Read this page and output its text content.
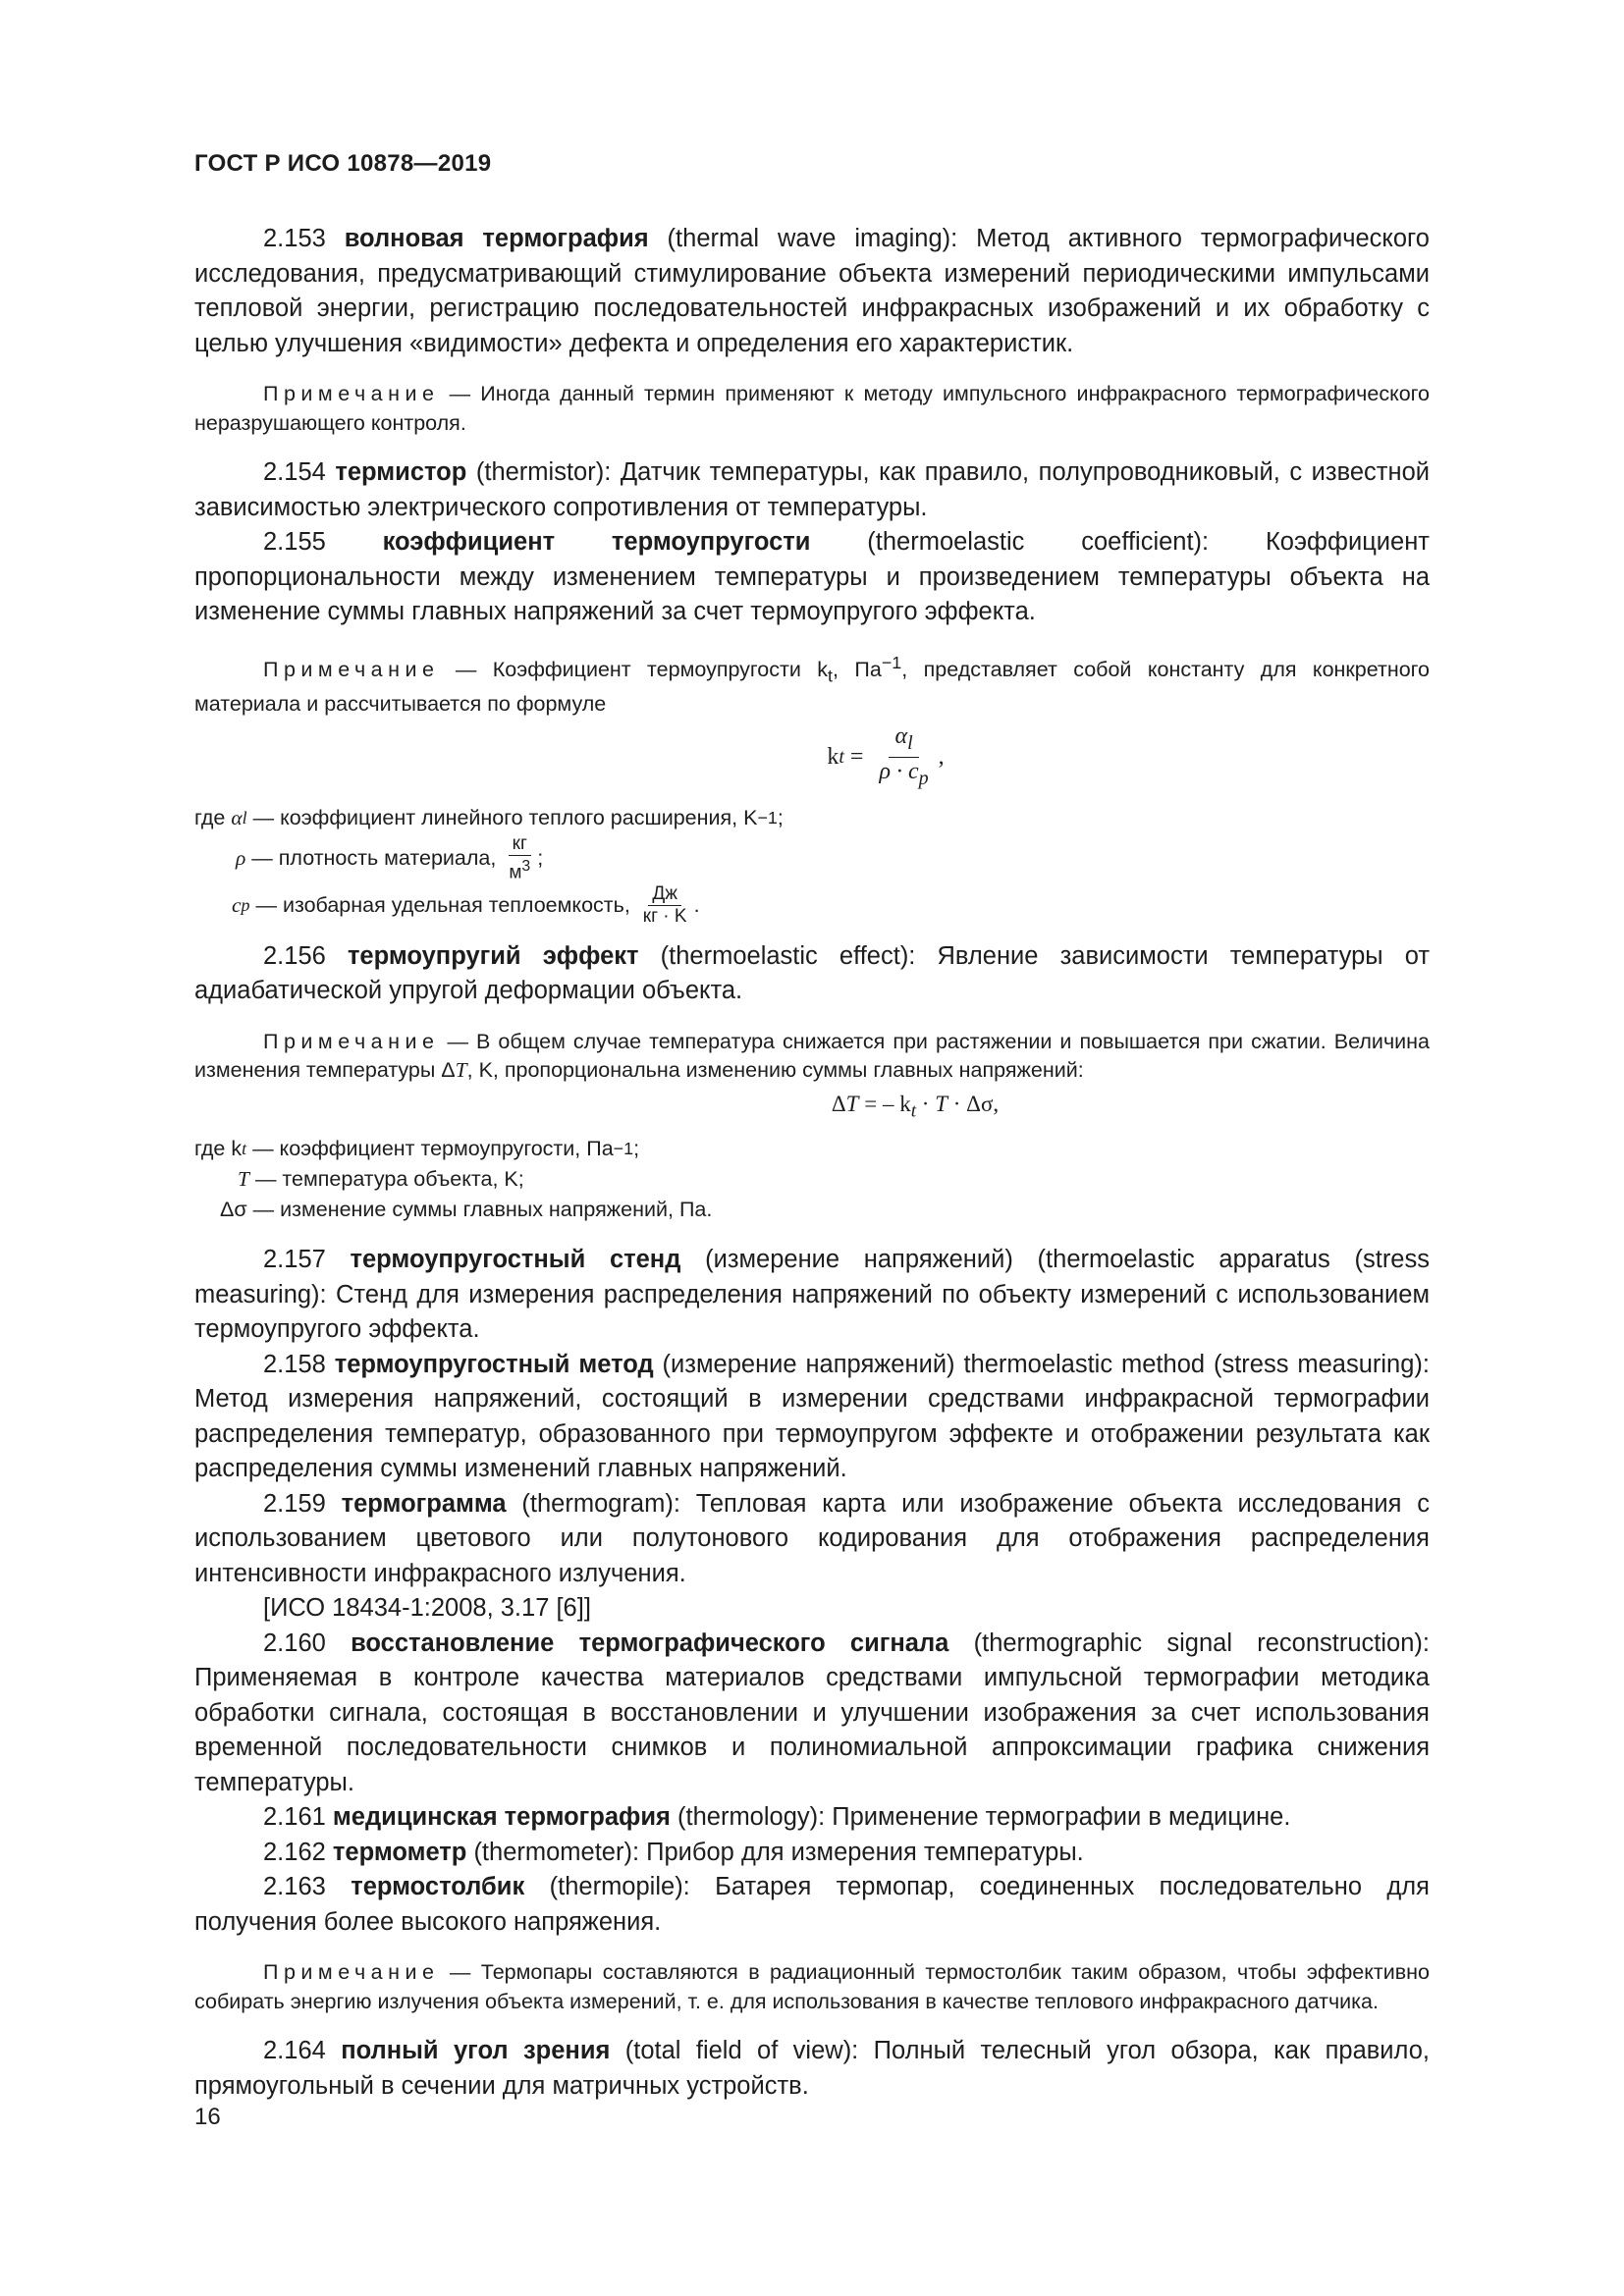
ГОСТ Р ИСО 10878—2019

2.153 волновая термография (thermal wave imaging): Метод активного термографического исследования, предусматривающий стимулирование объекта измерений периодическими импульсами тепловой энергии, регистрацию последовательностей инфракрасных изображений и их обработку с целью улучшения «видимости» дефекта и определения его характеристик.

Примечание — Иногда данный термин применяют к методу импульсного инфракрасного термографического неразрушающего контроля.

2.154 термистор (thermistor): Датчик температуры, как правило, полупроводниковый, с известной зависимостью электрического сопротивления от температуры.

2.155 коэффициент термоупругости (thermoelastic coefficient): Коэффициент пропорциональности между изменением температуры и произведением температуры объекта на изменение суммы главных напряжений за счет термоупругого эффекта.

Примечание — Коэффициент термоупругости $k_t$, $Па^{-1}$, представляет собой константу для конкретного материала и рассчитывается по формуле

k $t = \frac{\alpha_l}{\rho \cdot c_p}$ ,
где α l — коэффициент линейного теплого расширения, K −1 ;
ρ — плотность материала, $\frac{кг}{м^3}$ ;
c p — изобарная удельная теплоемкость, $\frac{Дж}{кг \cdot K}$ .

2.156 термоупругий эффект (thermoelastic effect): Явление зависимости температуры от адиабатической упругой деформации объекта.

Примечание — В общем случае температура снижается при растяжении и повышается при сжатии. Величина изменения температуры ΔT, K, пропорциональна изменению суммы главных напряжений:

ΔT = – $k_t \cdot T \cdot \Delta\sigma$,
где k t — коэффициент термоупругости, Па −1 ;
T — температура объекта, K;
Δσ — изменение суммы главных напряжений, Па.

2.157 термоупругостный стенд (измерение напряжений) (thermoelastic apparatus (stress measuring): Стенд для измерения распределения напряжений по объекту измерений с использованием термоупругого эффекта.

2.158 термоупругостный метод (измерение напряжений) thermoelastic method (stress measuring): Метод измерения напряжений, состоящий в измерении средствами инфракрасной термографии распределения температур, образованного при термоупругом эффекте и отображении результата как распределения суммы изменений главных напряжений.

2.159 термограмма (thermogram): Тепловая карта или изображение объекта исследования с использованием цветового или полутонового кодирования для отображения распределения интенсивности инфракрасного излучения.

[ИСО 18434-1:2008, 3.17 [6]]

2.160 восстановление термографического сигнала (thermographic signal reconstruction): Применяемая в контроле качества материалов средствами импульсной термографии методика обработки сигнала, состоящая в восстановлении и улучшении изображения за счет использования временной последовательности снимков и полиномиальной аппроксимации графика снижения температуры.

2.161 медицинская термография (thermology): Применение термографии в медицине.

2.162 термометр (thermometer): Прибор для измерения температуры.

2.163 термостолбик (thermopile): Батарея термопар, соединенных последовательно для получения более высокого напряжения.

Примечание — Термопары составляются в радиационный термостолбик таким образом, чтобы эффективно собирать энергию излучения объекта измерений, т. е. для использования в качестве теплового инфракрасного датчика.

2.164 полный угол зрения (total field of view): Полный телесный угол обзора, как правило, прямоугольный в сечении для матричных устройств.

16
